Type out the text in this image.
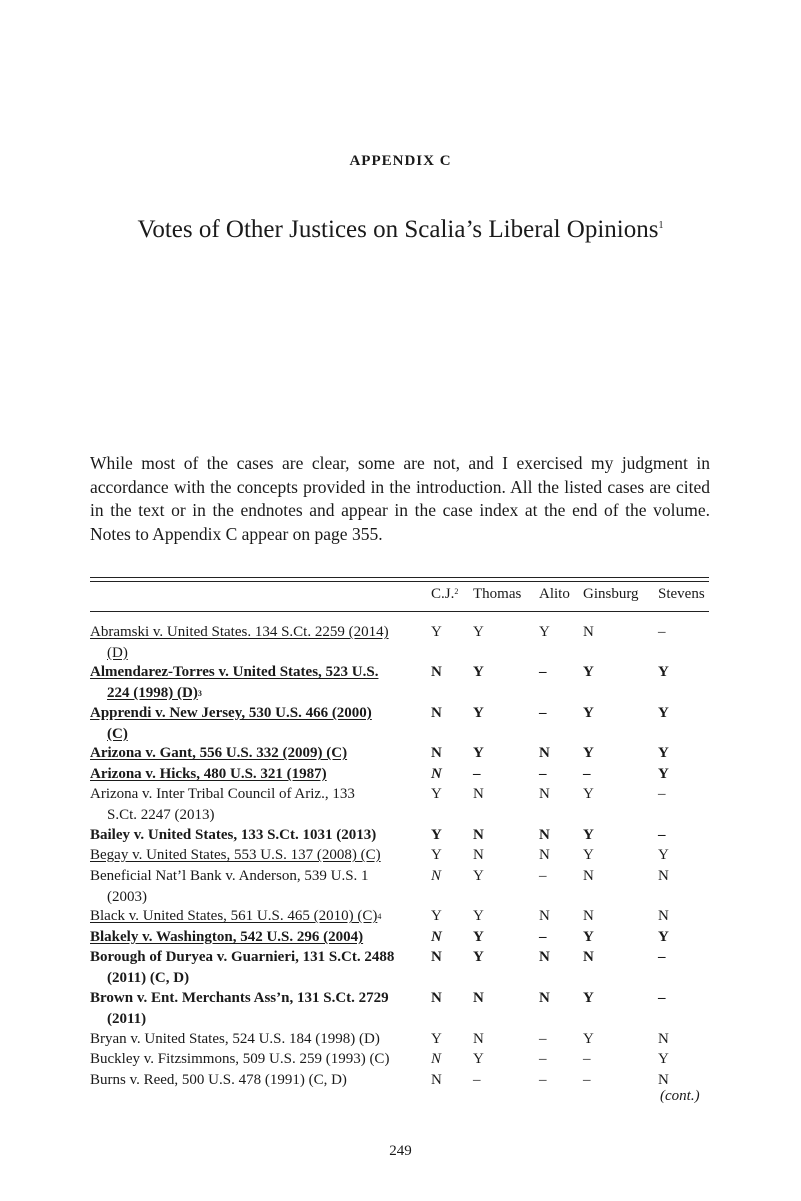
APPENDIX C
Votes of Other Justices on Scalia’s Liberal Opinions$^1$
While most of the cases are clear, some are not, and I exercised my judgment in accordance with the concepts provided in the introduction. All the listed cases are cited in the text or in the endnotes and appear in the case index at the end of the volume. Notes to Appendix C appear on page 355.
C.J.$^2$ Thomas Alito Ginsburg Stevens
Abramski v. United States. 134 S.Ct. 2259 (2014)
(D)
Y Y	Y N	–
Almendarez-Torres v. United States, 523 U.S.
224 (1998) $(D)^3$
N Y	– Y	Y
Apprendi v. New Jersey, 530 U.S. 466 (2000)
(C)
N Y	– Y	Y
Arizona v. Gant, 556 U.S. 332 (2009) (C)	N Y	N Y	Y
Arizona v. Hicks, 480 U.S. 321 (1987)	N –	– –	Y
Arizona v. Inter Tribal Council of Ariz., 133
S.Ct. 2247 (2013)
Y N	N Y	–
Bailey v. United States, 133 S.Ct. 1031 (2013)	Y N	N Y	–
Begay v. United States, 553 U.S. 137 (2008) (C)	Y N	N Y	Y
Beneficial Nat’l Bank v. Anderson, 539 U.S. 1
(2003)
N Y	– N	N
Black v. United States, 561 U.S. 465 (2010) $(C)^4$	Y Y	N N	N
Blakely v. Washington, 542 U.S. 296 (2004)	N Y	– Y	Y
Borough of Duryea v. Guarnieri, 131 S.Ct. 2488
(2011) (C, D)
N Y	N N	–
Brown v. Ent. Merchants Ass’n, 131 S.Ct. 2729
(2011)
N N	N Y	–
Bryan v. United States, 524 U.S. 184 (1998) (D)	Y N	– Y	N
Buckley v. Fitzsimmons, 509 U.S. 259 (1993) (C)	N Y	– –	Y
Burns v. Reed, 500 U.S. 478 (1991) (C, D)	N –	– –	N
(cont.)
249
